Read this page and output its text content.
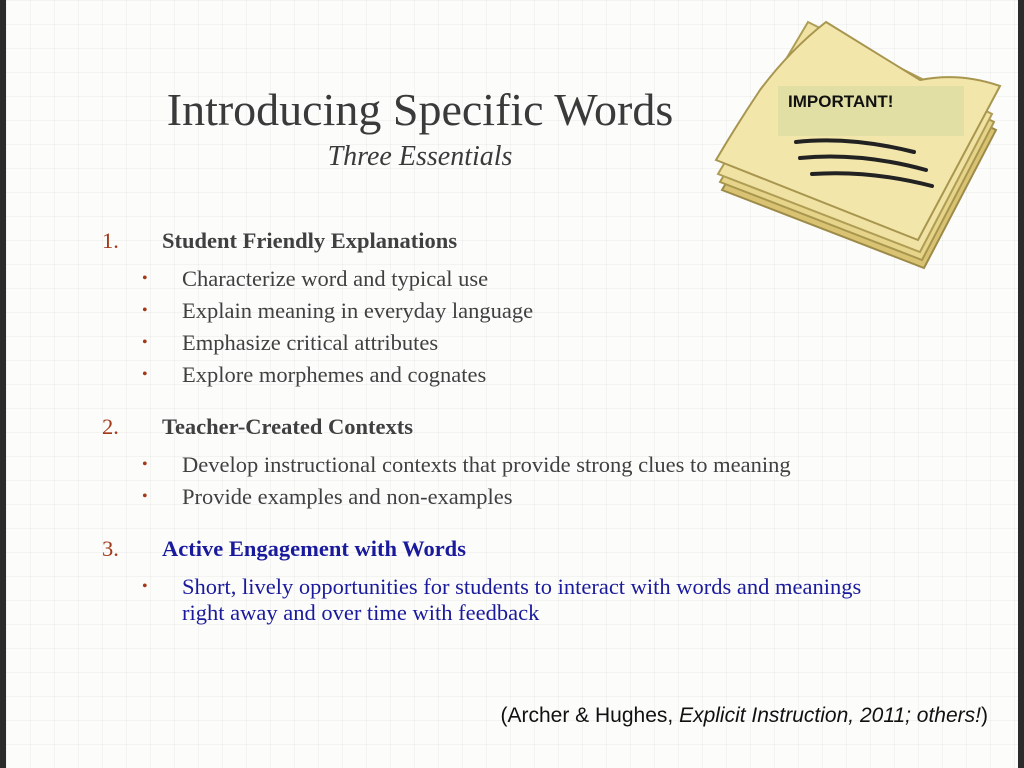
Introducing Specific Words
Three Essentials
IMPORTANT!
1.	Student Friendly Explanations
•	Characterize word and typical use
•	Explain meaning in everyday language
•	Emphasize critical attributes
•	Explore morphemes and cognates
2.	Teacher-Created Contexts
•	Develop instructional contexts that provide strong clues to meaning
•	Provide examples and non-examples
3.	Active Engagement with Words
•	Short, lively opportunities for students to interact with words and meanings right away and over time with feedback
(Archer & Hughes, Explicit Instruction, 2011; others!)
